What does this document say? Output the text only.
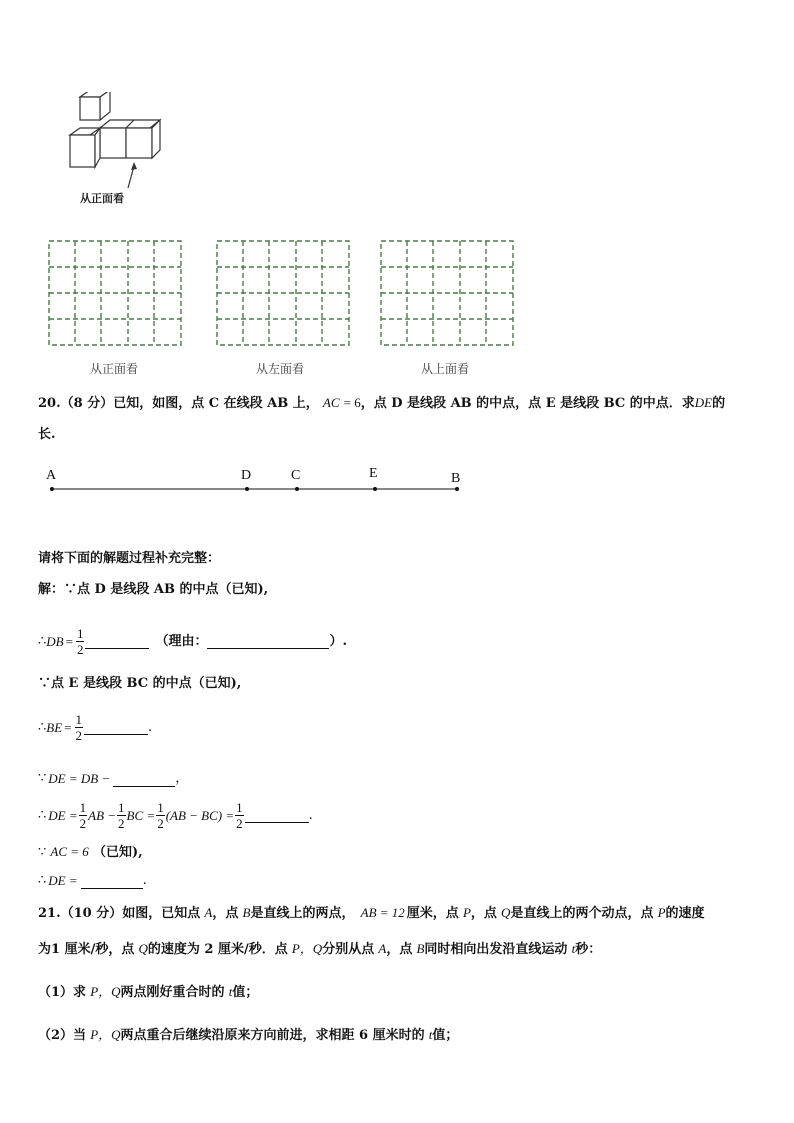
从正面看
从正面看	从左面看	从上面看
20.（8 分）已知，如图，点 C 在线段 AB 上， AC = 6，点 D 是线段 AB 的中点，点 E 是线段 BC 的中点．求DE的
长.
A	D	C	E	B
请将下面的解题过程补充完整：
解：∵点 D 是线段 AB 的中点（已知),
∴ DB = $\frac{1}{2}$	（理由：	）.
∵点 E 是线段 BC 的中点（已知),
∴ BE = $\frac{1}{2}$	.
∵ DE = DB −	，
∴ DE = $\frac{1}{2}$ AB − $\frac{1}{2}$ BC = $\frac{1}{2} (AB - BC) = \frac{1}{2}$	.
∵ AC = 6 （已知),
∴ DE =	.
21.（10 分）如图，已知点 A，点 B是直线上的两点， AB = 12 厘米，点 P，点 Q是直线上的两个动点，点 P的速度
为1 厘米/秒，点 Q的速度为 2 厘米/秒．点 P，Q分别从点 A，点 B同时相向出发沿直线运动 t秒：
（1）求 P，Q两点刚好重合时的 t值；
（2）当 P，Q两点重合后继续沿原来方向前进，求相距 6 厘米时的 t值；
